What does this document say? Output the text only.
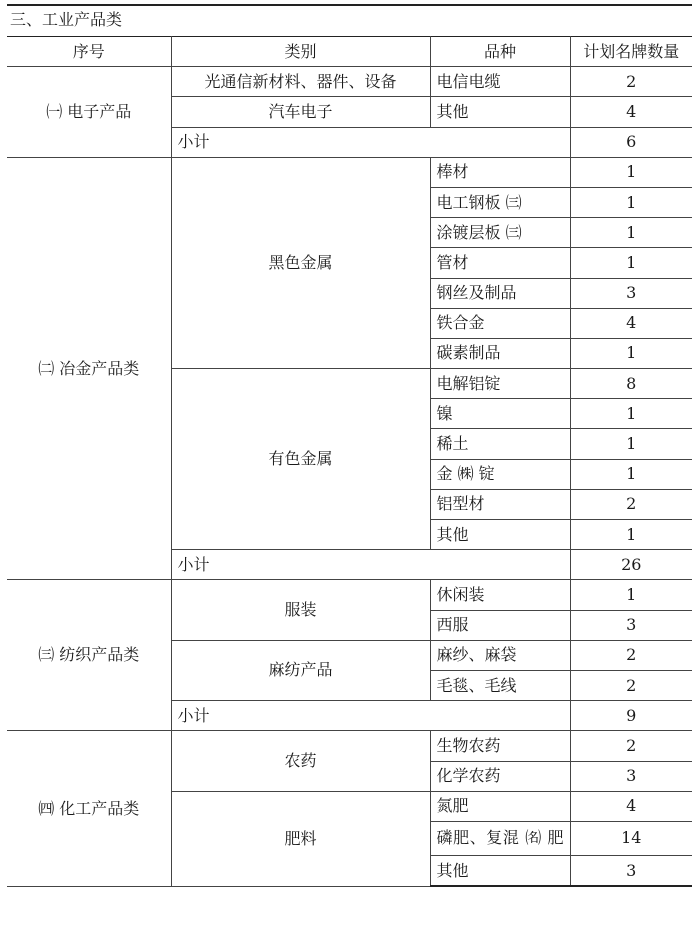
三、工业产品类
序号	类别	品种	计划名牌数量
㈠ 电子产品	光通信新材料、器件、设备	电信电缆	2
	汽车电子	其他	4
	小计		6
㈡ 冶金产品类	黑色金属	棒材	1
		电工钢板 ㈢	1
		涂镀层板 ㈢	1
		管材	1
		钢丝及制品	3
		铁合金	4
		碳素制品	1
	有色金属	电解铝锭	8
		镍	1
		稀土	1
		金 ㈱ 锭	1
		铝型材	2
		其他	1
	小计		26
㈢ 纺织产品类	服装	休闲装	1
		西服	3
	麻纺产品	麻纱、麻袋	2
		毛毯、毛线	2
	小计		9
㈣ 化工产品类	农药	生物农药	2
		化学农药	3
	肥料	氮肥	4
		磷肥、复混 ㈴ 肥	14
		其他	3
